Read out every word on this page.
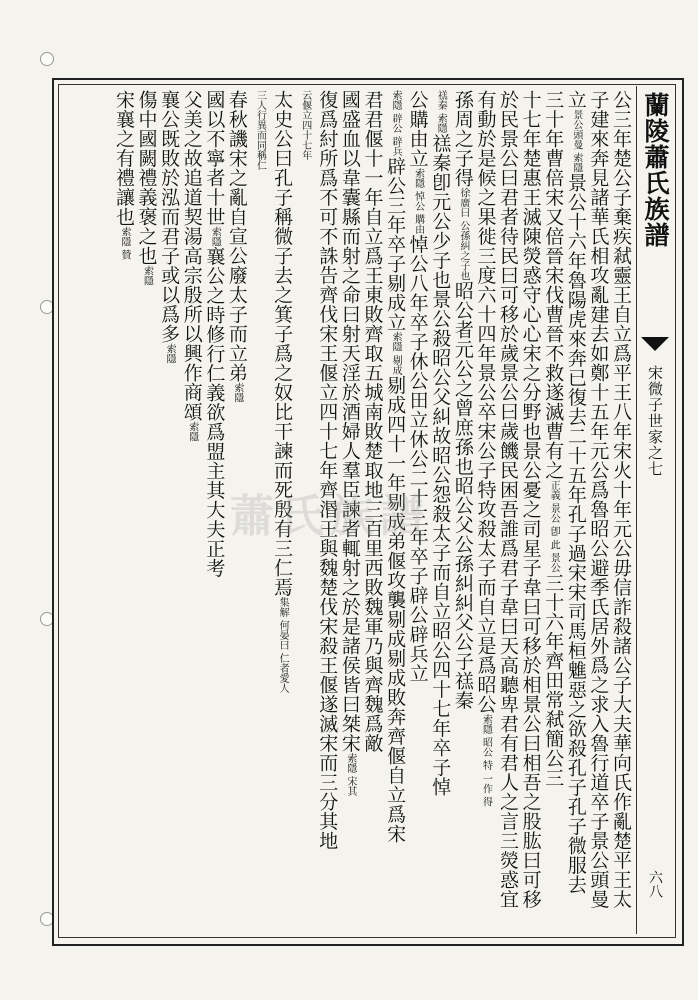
蘭陵蕭氏族譜
宋微子世家之七
六八
公三年楚公子棄疾弒靈王自立爲平王八年宋火十年元公毋信詐殺諸公子大夫華向氏作亂楚平王太
子建來奔見諸華氏相攻亂建去如鄭十五年元公爲魯昭公避季氏居外爲之求入魯行道卒子景公頭曼
立景公頭曼 索隱景公十六年魯陽虎來奔已復去二十五年孔子過宋宋司馬桓魋惡之欲殺孔子孔子微服去
三十年曹倍宋又倍晉宋伐曹晉不救遂滅曹有之正義 景公 卽 此 景公三十六年齊田常弒簡公三
十七年楚惠王滅陳熒惑守心心宋之分野也景公憂之司星子韋曰可移於相景公曰相吾之股肱曰可移
於民景公曰君者待民曰可移於歲景公曰歲饑民困吾誰爲君子韋曰天高聽卑君有君人之言三熒惑宜
有動於是候之果徙三度六十四年景公卒宋公子特攻殺太子而自立是爲昭公索隱 昭公 特 一作 得
孫周之子得徐廣曰 公孫糾之子也昭公者元公之曾庶孫也昭公父公孫糾糾父公子禚秦
禚秦 索隱禚秦卽元公少子也景公殺昭公父糾故昭公怨殺太子而自立昭公四十七年卒子悼
公購由立索隱 悼公 購由悼公八年卒子休公田立休公二十三年卒子辟公辟兵立
索隱 辟公 辟兵辟公三年卒子剔成立索隱 剔成剔成四十一年剔成弟偃攻襲剔成剔成敗奔齊偃自立爲宋
君君偃十一年自立爲王東敗齊取五城南敗楚取地三百里西敗魏軍乃與齊魏爲敵
國盛血以韋囊縣而射之命曰射天淫於酒婦人羣臣諫者輒射之於是諸侯皆曰桀宋索隱 宋其
復爲紂所爲不可不誅告齊伐宋王偃立四十七年齊湣王與魏楚伐宋殺王偃遂滅宋而三分其地
云偃立四十七年
太史公曰孔子稱微子去之箕子爲之奴比干諫而死殷有三仁焉集解 何晏曰 仁者愛人
三人行異而同稱仁
春秋譏宋之亂自宣公廢太子而立弟索隱
國以不寧者十世索隱襄公之時修行仁義欲爲盟主其大夫正考
父美之故追道契湯高宗殷所以興作商頌索隱
襄公既敗於泓而君子或以爲多索隱
傷中國闕禮義褒之也索隱
宋襄之有禮讓也索隱 贊
蕭氏族譜
